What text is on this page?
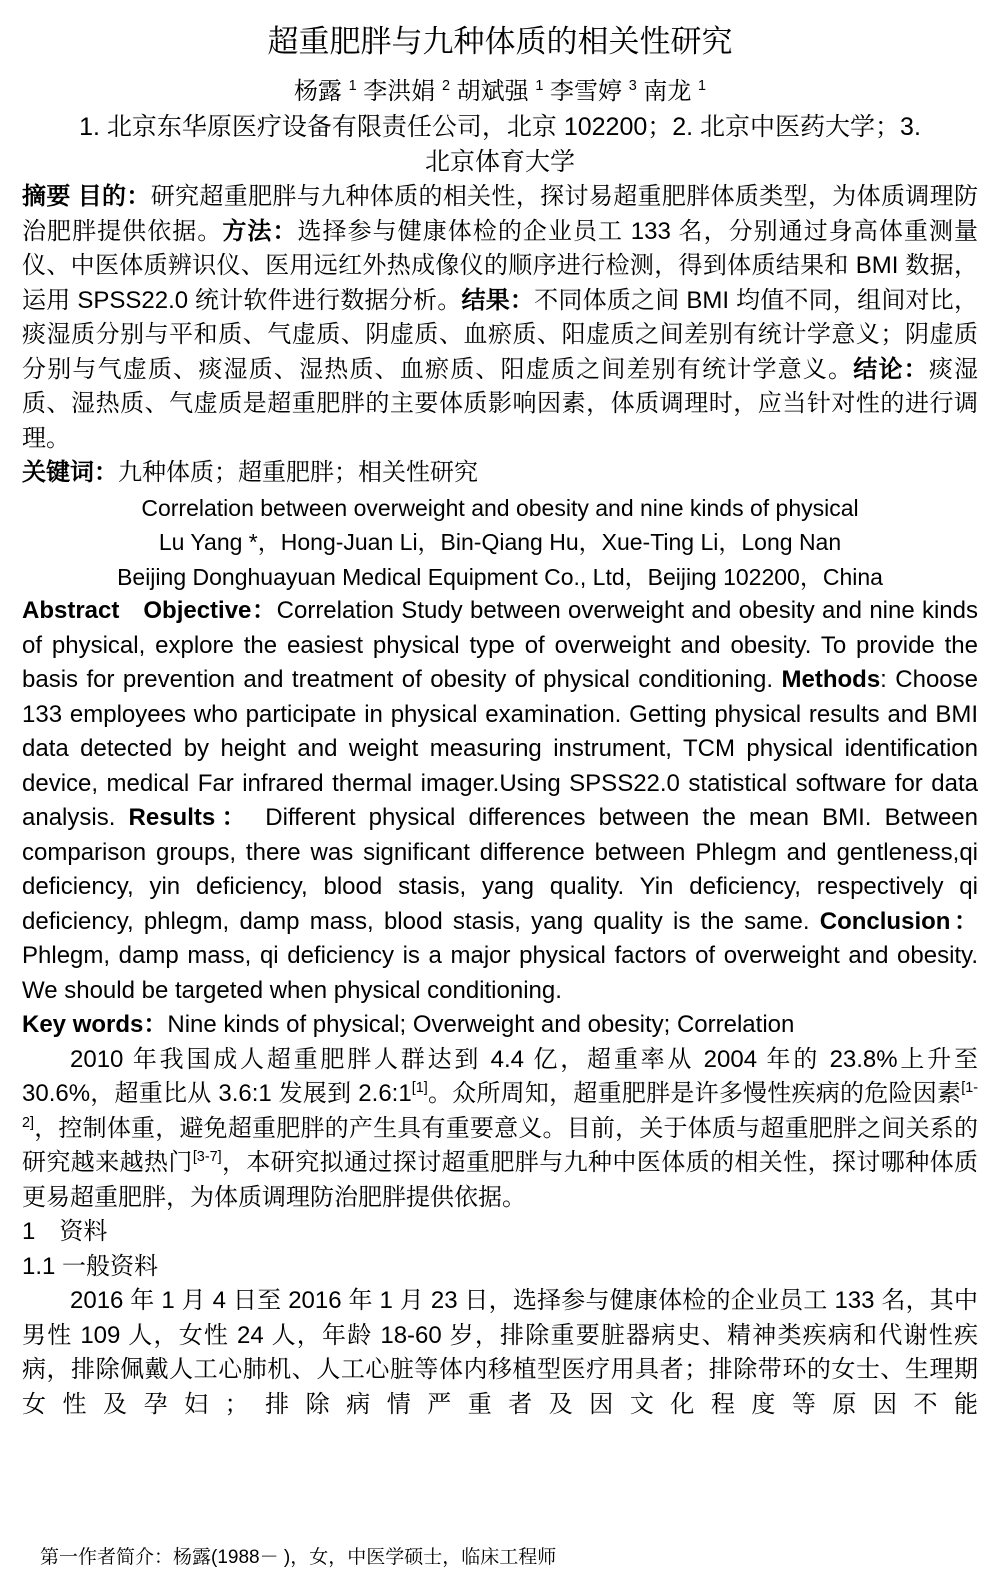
超重肥胖与九种体质的相关性研究
杨露 $^1$ 李洪娟 $^2$ 胡斌强 $^1$ 李雪婷 $^3$ 南龙 $^1$
1. 北京东华原医疗设备有限责任公司，北京 102200；2. 北京中医药大学；3.
北京体育大学

摘要 目的：研究超重肥胖与九种体质的相关性，探讨易超重肥胖体质类型，为体质调理防治肥胖提供依据。方法：选择参与健康体检的企业员工 133 名，分别通过身高体重测量仪、中医体质辨识仪、医用远红外热成像仪的顺序进行检测，得到体质结果和 BMI 数据，运用 SPSS22.0 统计软件进行数据分析。结果：不同体质之间 BMI 均值不同，组间对比，痰湿质分别与平和质、气虚质、阴虚质、血瘀质、阳虚质之间差别有统计学意义；阴虚质分别与气虚质、痰湿质、湿热质、血瘀质、阳虚质之间差别有统计学意义。结论：痰湿质、湿热质、气虚质是超重肥胖的主要体质影响因素，体质调理时，应当针对性的进行调理。

关键词：九种体质；超重肥胖；相关性研究

Correlation between overweight and obesity and nine kinds of physical

Lu Yang *，Hong-Juan Li，Bin-Qiang Hu，Xue-Ting Li，Long Nan

Beijing Donghuayuan Medical Equipment Co., Ltd，Beijing 102200，China

Abstract Objective：Correlation Study between overweight and obesity and nine kinds of physical, explore the easiest physical type of overweight and obesity. To provide the basis for prevention and treatment of obesity of physical conditioning. Methods: Choose 133 employees who participate in physical examination. Getting physical results and BMI data detected by height and weight measuring instrument, TCM physical identification device, medical Far infrared thermal imager.Using SPSS22.0 statistical software for data analysis. Results： Different physical differences between the mean BMI. Between comparison groups, there was significant difference between Phlegm and gentleness,qi deficiency, yin deficiency, blood stasis, yang quality. Yin deficiency, respectively qi deficiency, phlegm, damp mass, blood stasis, yang quality is the same. Conclusion： Phlegm, damp mass, qi deficiency is a major physical factors of overweight and obesity. We should be targeted when physical conditioning.

Key words：Nine kinds of physical; Overweight and obesity; Correlation

2010 年我国成人超重肥胖人群达到 4.4 亿，超重率从 2004 年的 23.8%上升至 30.6%，超重比从 3.6:1 发展到 2.6:1[1]。众所周知，超重肥胖是许多慢性疾病的危险因素[1-2]，控制体重，避免超重肥胖的产生具有重要意义。目前，关于体质与超重肥胖之间关系的研究越来越热门[3-7]，本研究拟通过探讨超重肥胖与九种中医体质的相关性，探讨哪种体质更易超重肥胖，为体质调理防治肥胖提供依据。

1　资料
1.1 一般资料

2016 年 1 月 4 日至 2016 年 1 月 23 日，选择参与健康体检的企业员工 133 名，其中男性 109 人，女性 24 人，年龄 18-60 岁，排除重要脏器病史、精神类疾病和代谢性疾病，排除佩戴人工心肺机、人工心脏等体内移植型医疗用具者；排除带环的女士、生理期女性及孕妇；排除病情严重者及因文化程度等原因不能

第一作者简介：杨露(1988－ )，女，中医学硕士，临床工程师
